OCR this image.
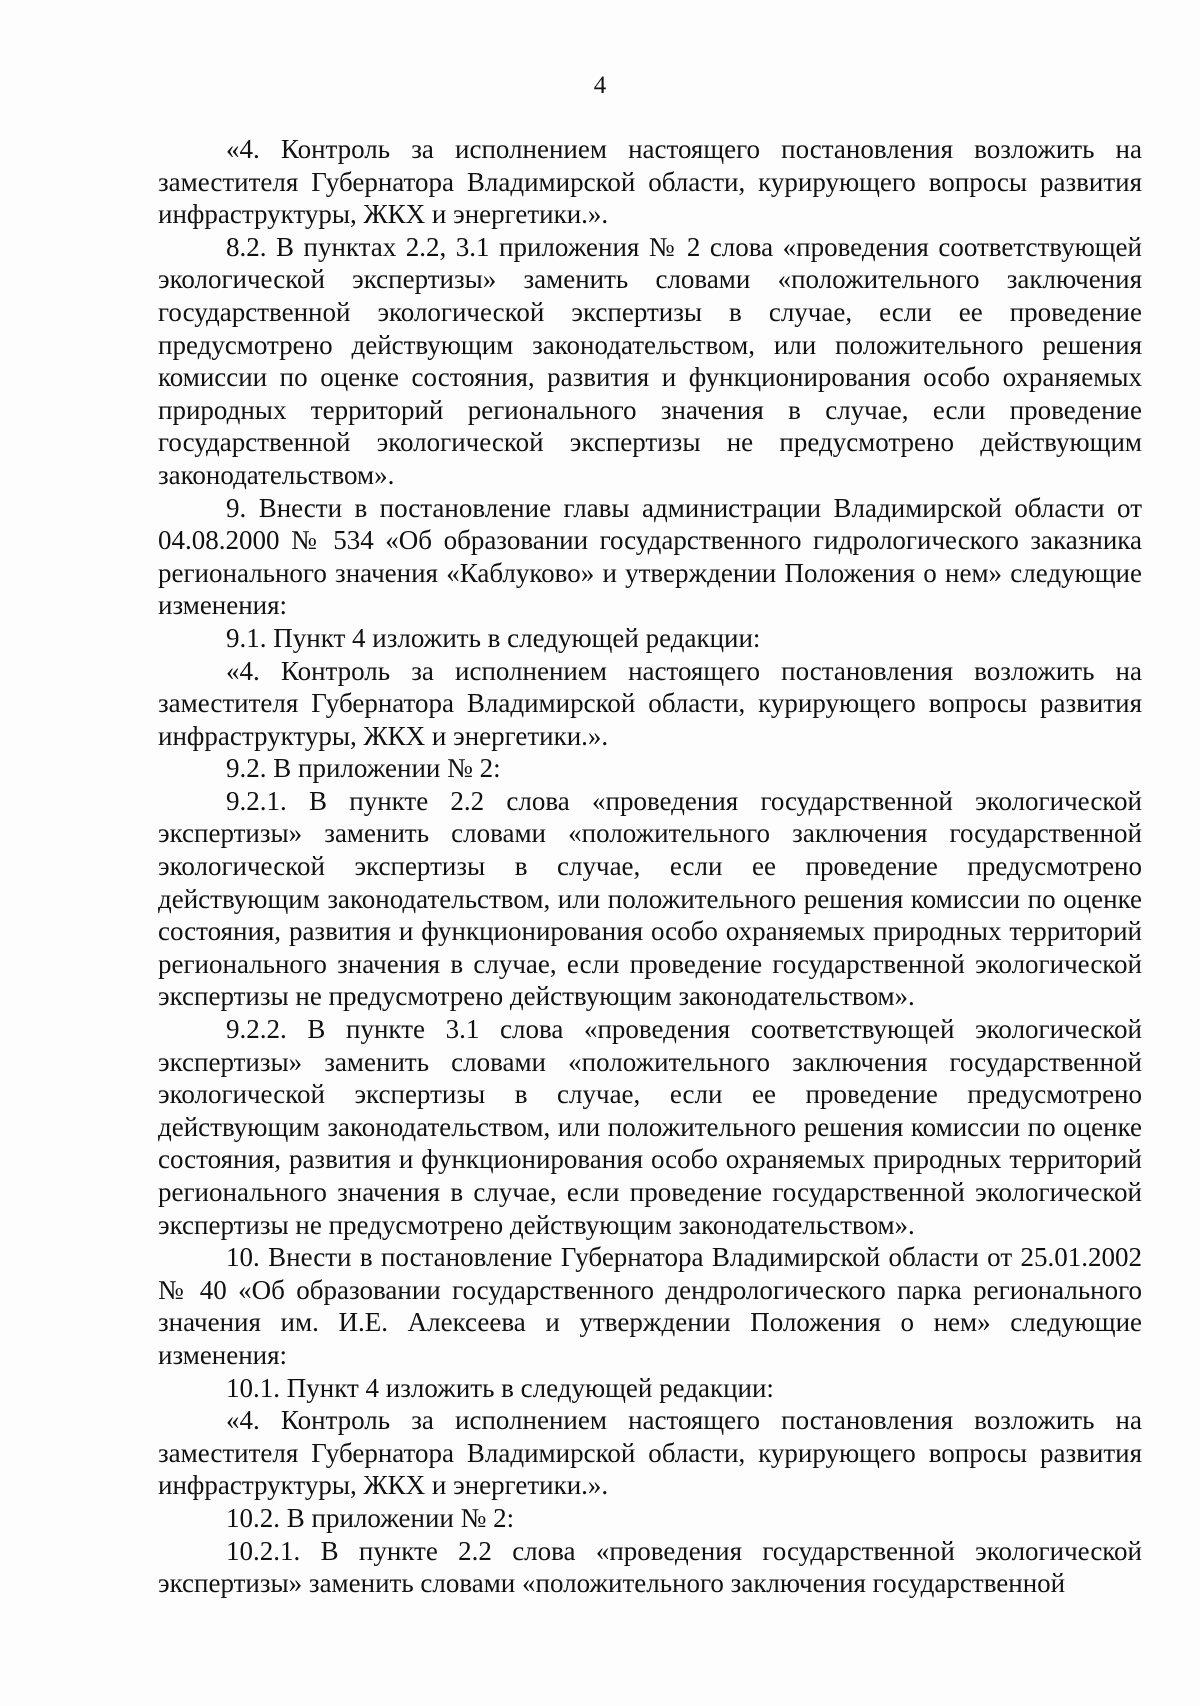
4

«4. Контроль за исполнением настоящего постановления возложить на заместителя Губернатора Владимирской области, курирующего вопросы развития инфраструктуры, ЖКХ и энергетики.».

8.2. В пунктах 2.2, 3.1 приложения № 2 слова «проведения соответствующей экологической экспертизы» заменить словами «положительного заключения государственной экологической экспертизы в случае, если ее проведение предусмотрено действующим законодательством, или положительного решения комиссии по оценке состояния, развития и функционирования особо охраняемых природных территорий регионального значения в случае, если проведение государственной экологической экспертизы не предусмотрено действующим законодательством».

9. Внести в постановление главы администрации Владимирской области от 04.08.2000 № 534 «Об образовании государственного гидрологического заказника регионального значения «Каблуково» и утверждении Положения о нем» следующие изменения:

9.1. Пункт 4 изложить в следующей редакции:

«4. Контроль за исполнением настоящего постановления возложить на заместителя Губернатора Владимирской области, курирующего вопросы развития инфраструктуры, ЖКХ и энергетики.».

9.2. В приложении № 2:

9.2.1. В пункте 2.2 слова «проведения государственной экологической экспертизы» заменить словами «положительного заключения государственной экологической экспертизы в случае, если ее проведение предусмотрено действующим законодательством, или положительного решения комиссии по оценке состояния, развития и функционирования особо охраняемых природных территорий регионального значения в случае, если проведение государственной экологической экспертизы не предусмотрено действующим законодательством».

9.2.2. В пункте 3.1 слова «проведения соответствующей экологической экспертизы» заменить словами «положительного заключения государственной экологической экспертизы в случае, если ее проведение предусмотрено действующим законодательством, или положительного решения комиссии по оценке состояния, развития и функционирования особо охраняемых природных территорий регионального значения в случае, если проведение государственной экологической экспертизы не предусмотрено действующим законодательством».

10. Внести в постановление Губернатора Владимирской области от 25.01.2002 № 40 «Об образовании государственного дендрологического парка регионального значения им. И.Е. Алексеева и утверждении Положения о нем» следующие изменения:

10.1. Пункт 4 изложить в следующей редакции:

«4. Контроль за исполнением настоящего постановления возложить на заместителя Губернатора Владимирской области, курирующего вопросы развития инфраструктуры, ЖКХ и энергетики.».

10.2. В приложении № 2:

10.2.1. В пункте 2.2 слова «проведения государственной экологической экспертизы» заменить словами «положительного заключения государственной
